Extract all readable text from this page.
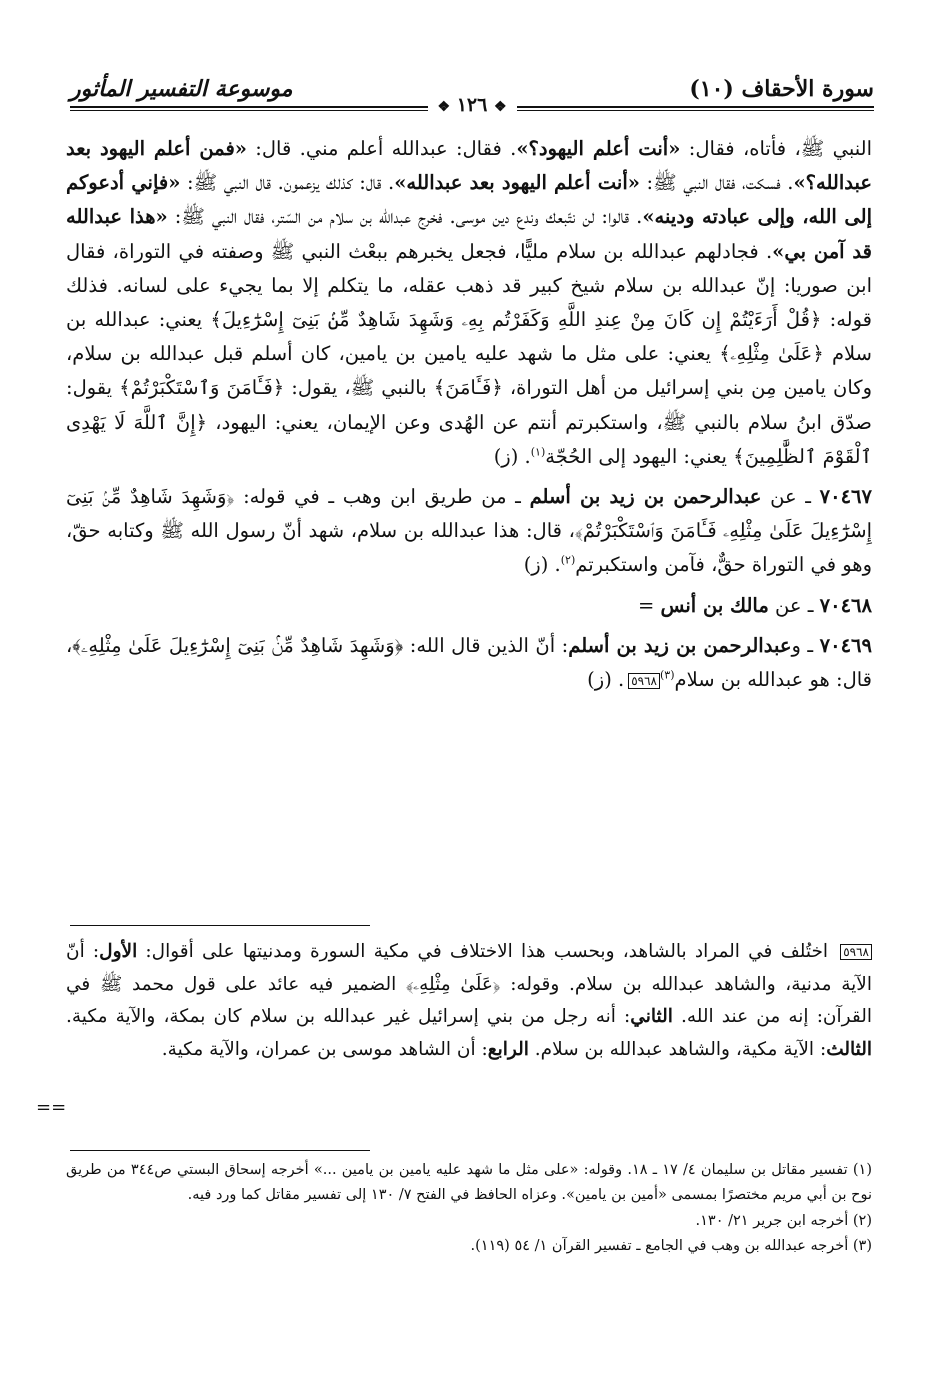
سورة الأحقاف (١٠)
موسوعة التفسير المأثور
❖ ١٢٦ ❖

النبي ﷺ، فأتاه، فقال: «أنت أعلم اليهود؟». فقال: عبدالله أعلم مني. قال: «فمن أعلم اليهود بعد عبدالله؟». فسكت، فقال النبي ﷺ: «أنت أعلم اليهود بعد عبدالله». قال: كذلك يزعمون. قال النبي ﷺ: «فإني أدعوكم إلى الله، وإلى عبادته ودينه». قالوا: لن نتّبعك وندع دين موسى. فخرج عبدالله بن سلام من السّتر، فقال النبي ﷺ: «هذا عبدالله قد آمن بي». فجادلهم عبدالله بن سلام مليًّا، فجعل يخبرهم ببعْث النبي ﷺ وصفته في التوراة، فقال ابن صوريا: إنّ عبدالله بن سلام شيخ كبير قد ذهب عقله، ما يتكلم إلا بما يجيء على لسانه. فذلك قوله: ﴿قُلْ أَرَءَيْتُمْ إِن كَانَ مِنْ عِندِ اللَّهِ وَكَفَرْتُم بِهِۦ وَشَهِدَ شَاهِدٌ مِّنۢ بَنِىٓ إِسْرَٰٓءِيلَ﴾ يعني: عبدالله بن سلام ﴿عَلَىٰ مِثْلِهِۦ﴾ يعني: على مثل ما شهد عليه يامين بن يامين، كان أسلم قبل عبدالله بن سلام، وكان يامين مِن بني إسرائيل من أهل التوراة، ﴿فَـَٔامَنَ﴾ بالنبي ﷺ، يقول: ﴿فَـَٔامَنَ وَٱسْتَكْبَرْتُمْ﴾ يقول: صدّق ابنُ سلام بالنبي ﷺ، واستكبرتم أنتم عن الهُدى وعن الإيمان، يعني: اليهود، ﴿إِنَّ ٱللَّهَ لَا يَهْدِى ٱلْقَوْمَ ٱلظَّٰلِمِينَ﴾ يعني: اليهود إلى الحُجّة$^{(١)}$. (ز)

٧٠٤٦٧ ـ عن عبدالرحمن بن زيد بن أسلم ـ من طريق ابن وهب ـ في قوله: ﴿وَشَهِدَ شَاهِدٌ مِّنۢ بَنِىٓ إِسْرَٰٓءِيلَ عَلَىٰ مِثْلِهِۦ فَـَٔامَنَ وَٱسْتَكْبَرْتُمْ﴾، قال: هذا عبدالله بن سلام، شهد أنّ رسول الله ﷺ وكتابه حقّ، وهو في التوراة حقٌّ، فآمن واستكبرتم$^{(٢)}$. (ز)

٧٠٤٦٨ ـ عن مالك بن أنس =

٧٠٤٦٩ ـ وعبدالرحمن بن زيد بن أسلم: أنّ الذين قال الله: ﴿وَشَهِدَ شَاهِدٌ مِّنۢ بَنِىٓ إِسْرَٰٓءِيلَ عَلَىٰ مِثْلِهِۦ﴾، قال: هو عبدالله بن سلام$^{(٣)}$٥٩٦٨. (ز)

٥٩٦٨ اختُلف في المراد بالشاهد، وبحسب هذا الاختلاف في مكية السورة ومدنيتها على أقوال: الأول: أنّ الآية مدنية، والشاهد عبدالله بن سلام. وقوله: ﴿عَلَىٰ مِثْلِهِۦ﴾ الضمير فيه عائد على قول محمد ﷺ في القرآن: إنه من عند الله. الثاني: أنه رجل من بني إسرائيل غير عبدالله بن سلام كان بمكة، والآية مكية. الثالث: الآية مكية، والشاهد عبدالله بن سلام. الرابع: أن الشاهد موسى بن عمران، والآية مكية.

==

(١) تفسير مقاتل بن سليمان ٤/ ١٧ ـ ١٨. وقوله: «على مثل ما شهد عليه يامين بن يامين ...» أخرجه إسحاق البستي ص٣٤٤ من طريق نوح بن أبي مريم مختصرًا بمسمى «أمين بن يامين». وعزاه الحافظ في الفتح ٧/ ١٣٠ إلى تفسير مقاتل كما ورد فيه.

(٢) أخرجه ابن جرير ٢١/ ١٣٠.

(٣) أخرجه عبدالله بن وهب في الجامع ـ تفسير القرآن ١/ ٥٤ (١١٩).
